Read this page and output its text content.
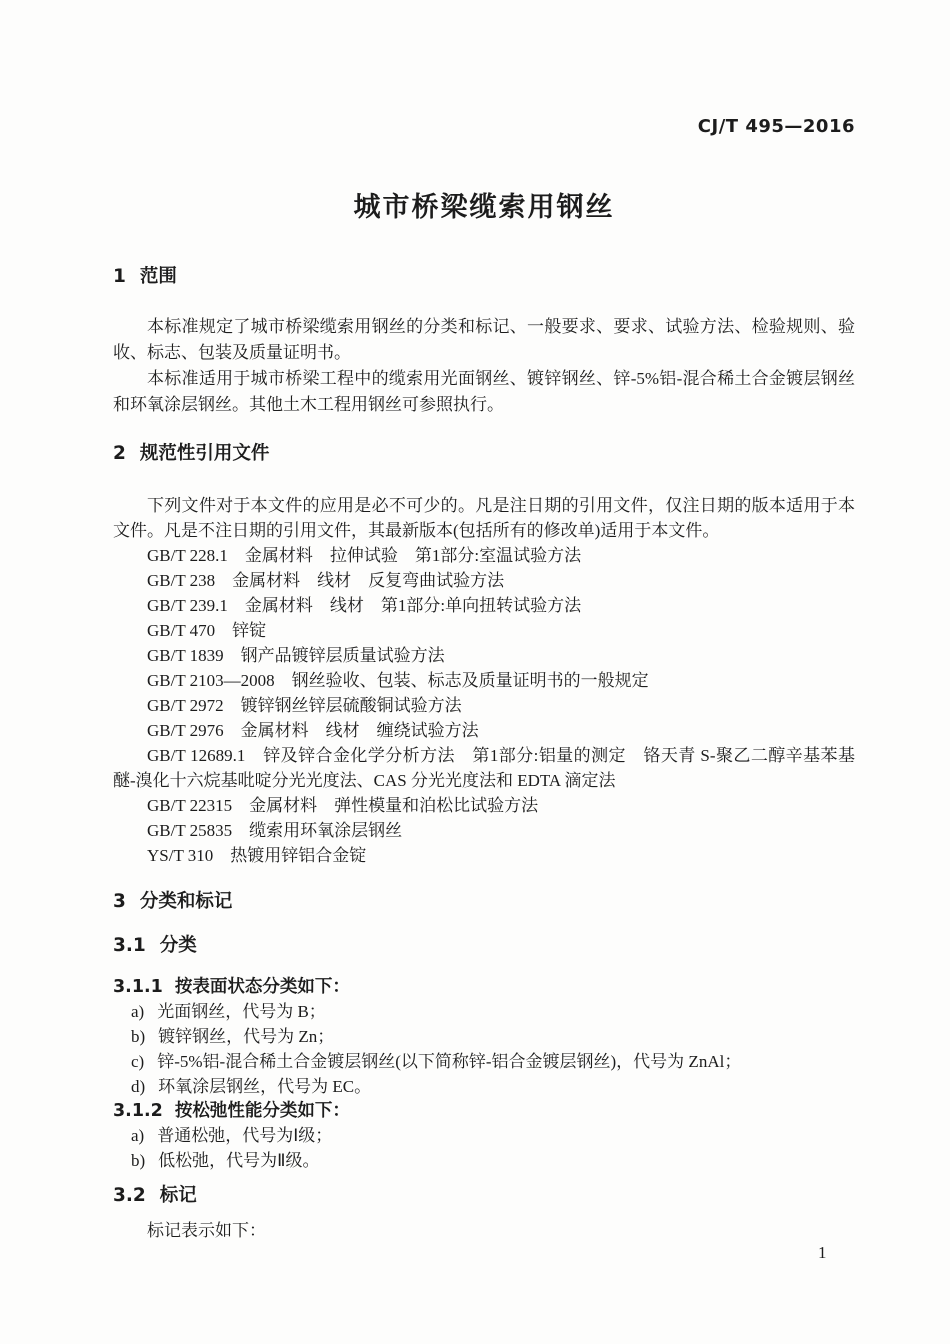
CJ/T 495—2016
城市桥梁缆索用钢丝
1 范围

本标准规定了城市桥梁缆索用钢丝的分类和标记、一般要求、要求、试验方法、检验规则、验收、标志、包装及质量证明书。

本标准适用于城市桥梁工程中的缆索用光面钢丝、镀锌钢丝、锌-5%铝-混合稀土合金镀层钢丝和环氧涂层钢丝。其他土木工程用钢丝可参照执行。

2 规范性引用文件

下列文件对于本文件的应用是必不可少的。凡是注日期的引用文件，仅注日期的版本适用于本文件。凡是不注日期的引用文件，其最新版本(包括所有的修改单)适用于本文件。

GB/T 228.1　金属材料　拉伸试验　第1部分:室温试验方法
GB/T 238　金属材料　线材　反复弯曲试验方法
GB/T 239.1　金属材料　线材　第1部分:单向扭转试验方法
GB/T 470　锌锭
GB/T 1839　钢产品镀锌层质量试验方法
GB/T 2103—2008　钢丝验收、包装、标志及质量证明书的一般规定
GB/T 2972　镀锌钢丝锌层硫酸铜试验方法
GB/T 2976　金属材料　线材　缠绕试验方法
GB/T 12689.1　锌及锌合金化学分析方法　第1部分:铝量的测定　铬天青 S-聚乙二醇辛基苯基醚-溴化十六烷基吡啶分光光度法、CAS 分光光度法和 EDTA 滴定法
GB/T 22315　金属材料　弹性模量和泊松比试验方法
GB/T 25835　缆索用环氧涂层钢丝
YS/T 310　热镀用锌铝合金锭
3 分类和标记
3.1 分类
3.1.1 按表面状态分类如下：
a) 光面钢丝，代号为 B；
b) 镀锌钢丝，代号为 Zn；
c) 锌-5%铝-混合稀土合金镀层钢丝(以下简称锌-铝合金镀层钢丝)，代号为 ZnAl；
d) 环氧涂层钢丝，代号为 EC。
3.1.2 按松弛性能分类如下：
a) 普通松弛，代号为Ⅰ级；
b) 低松弛，代号为Ⅱ级。
3.2 标记

标记表示如下：

1
